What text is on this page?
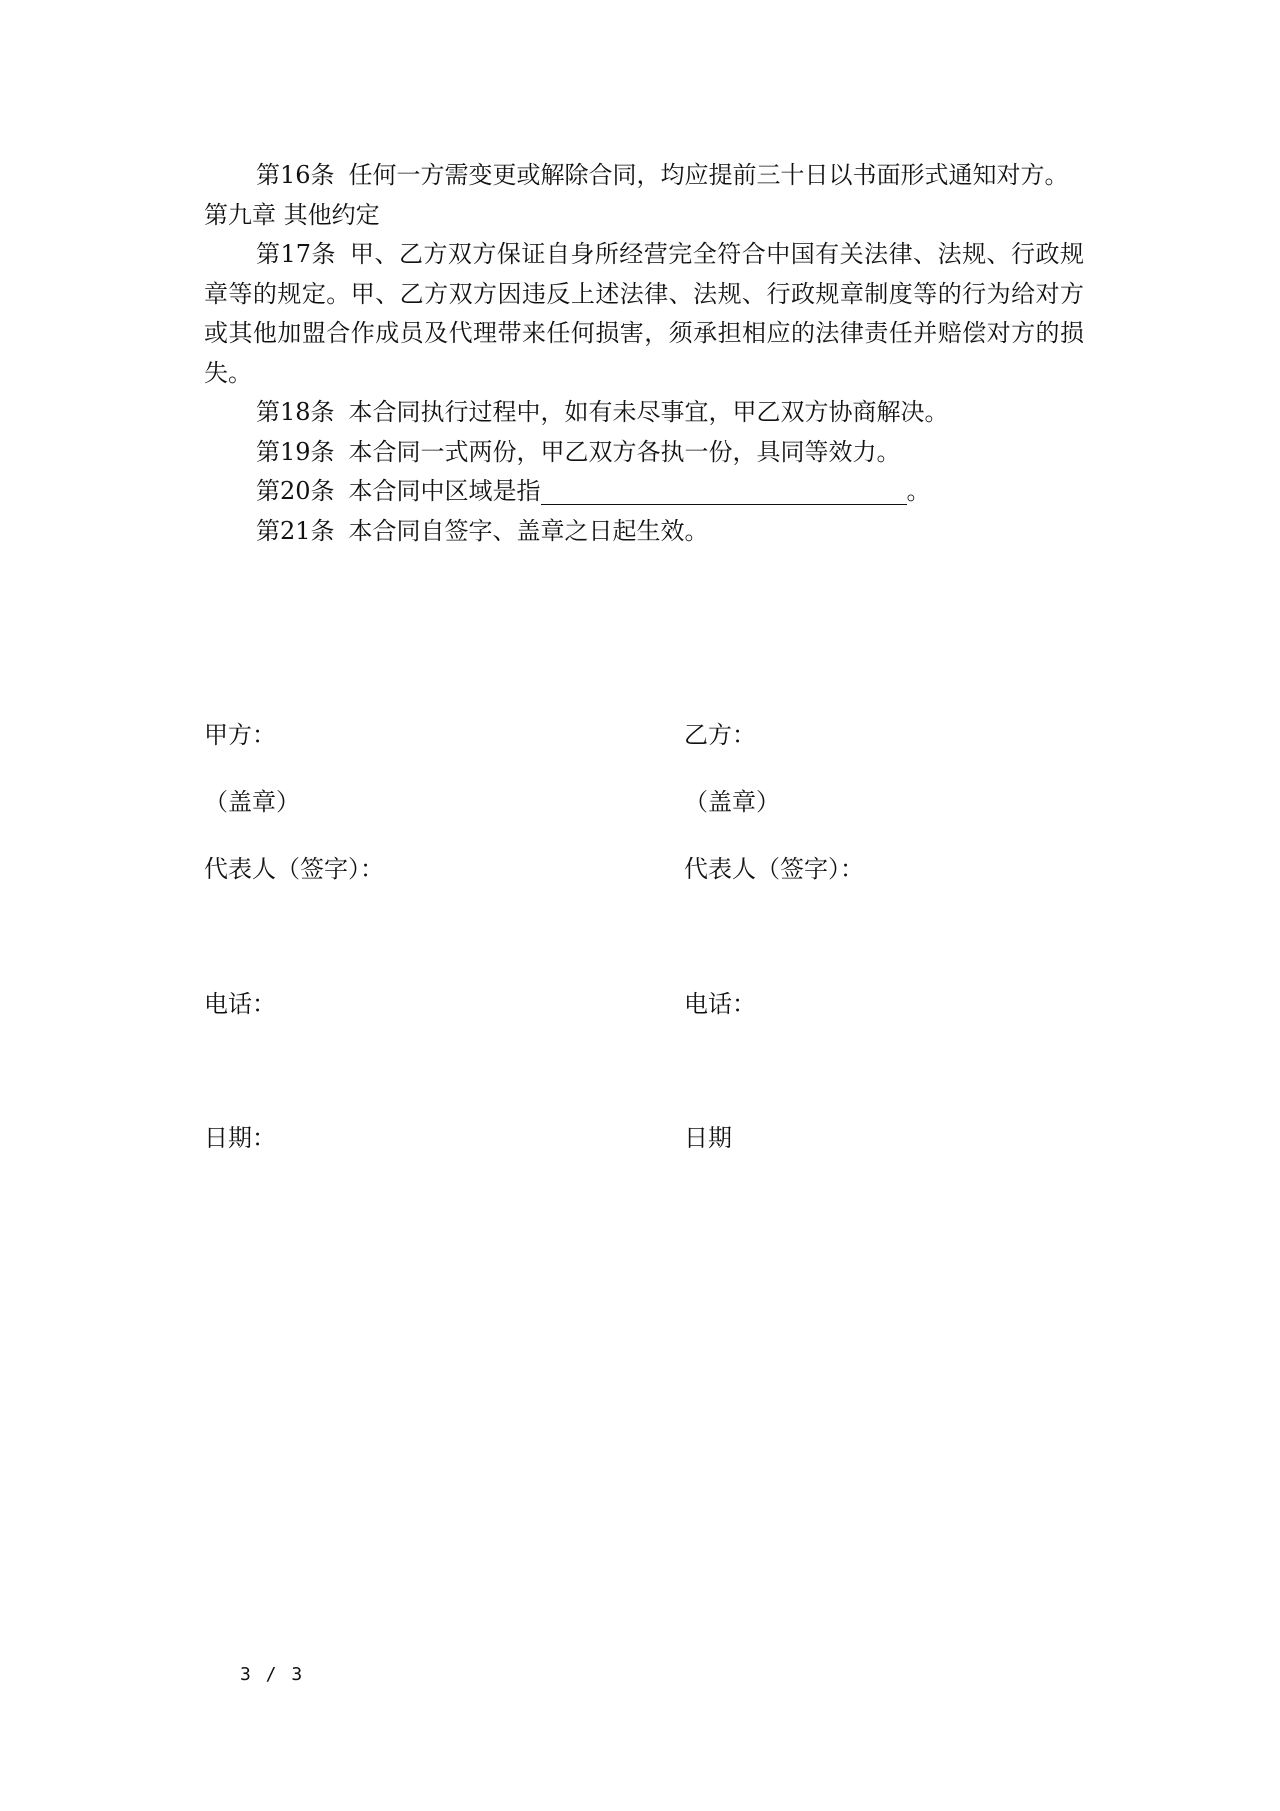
第16条 任何一方需变更或解除合同，均应提前三十日以书面形式通知对方。

第九章 其他约定

第17条 甲、乙方双方保证自身所经营完全符合中国有关法律、法规、行政规章等的规定。甲、乙方双方因违反上述法律、法规、行政规章制度等的行为给对方或其他加盟合作成员及代理带来任何损害，须承担相应的法律责任并赔偿对方的损失。

第18条 本合同执行过程中，如有未尽事宜，甲乙双方协商解决。

第19条 本合同一式两份，甲乙双方各执一份，具同等效力。

第20条 本合同中区域是指	。

第21条 本合同自签字、盖章之日起生效。

甲方：
（盖章）
代表人（签字）：
电话：
日期：
乙方：
（盖章）
代表人（签字）：
电话：
日期
3 / 3
